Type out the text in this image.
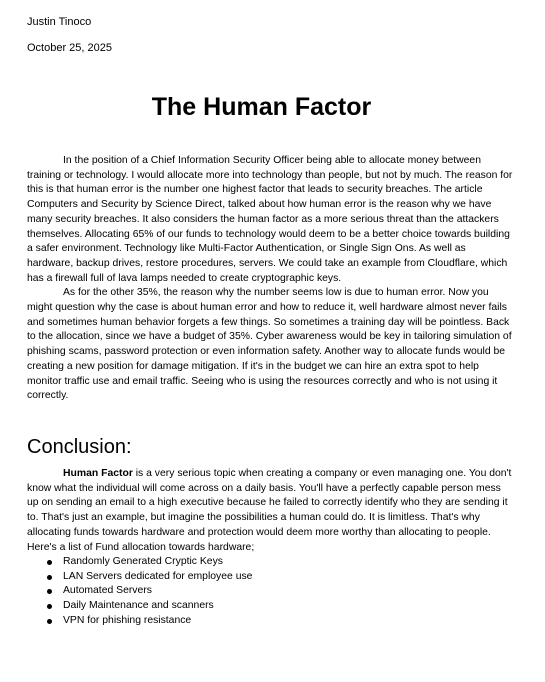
Justin Tinoco
October 25, 2025
The Human Factor

In the position of a Chief Information Security Officer being able to allocate money between training or technology. I would allocate more into technology than people, but not by much. The reason for this is that human error is the number one highest factor that leads to security breaches. The article Computers and Security by Science Direct, talked about how human error is the reason why we have many security breaches. It also considers the human factor as a more serious threat than the attackers themselves. Allocating 65% of our funds to technology would deem to be a better choice towards building a safer environment. Technology like Multi-Factor Authentication, or Single Sign Ons. As well as hardware, backup drives, restore procedures, servers. We could take an example from Cloudflare, which has a firewall full of lava lamps needed to create cryptographic keys.

As for the other 35%, the reason why the number seems low is due to human error. Now you might question why the case is about human error and how to reduce it, well hardware almost never fails and sometimes human behavior forgets a few things. So sometimes a training day will be pointless. Back to the allocation, since we have a budget of 35%. Cyber awareness would be key in tailoring simulation of phishing scams, password protection or even information safety. Another way to allocate funds would be creating a new position for damage mitigation. If it's in the budget we can hire an extra spot to help monitor traffic use and email traffic. Seeing who is using the resources correctly and who is not using it correctly.

Conclusion:

Human Factor is a very serious topic when creating a company or even managing one. You don't know what the individual will come across on a daily basis. You'll have a perfectly capable person mess up on sending an email to a high executive because he failed to correctly identify who they are sending it to. That's just an example, but imagine the possibilities a human could do. It is limitless. That's why allocating funds towards hardware and protection would deem more worthy than allocating to people. Here's a list of Fund allocation towards hardware;

Randomly Generated Cryptic Keys
LAN Servers dedicated for employee use
Automated Servers
Daily Maintenance and scanners
VPN for phishing resistance
